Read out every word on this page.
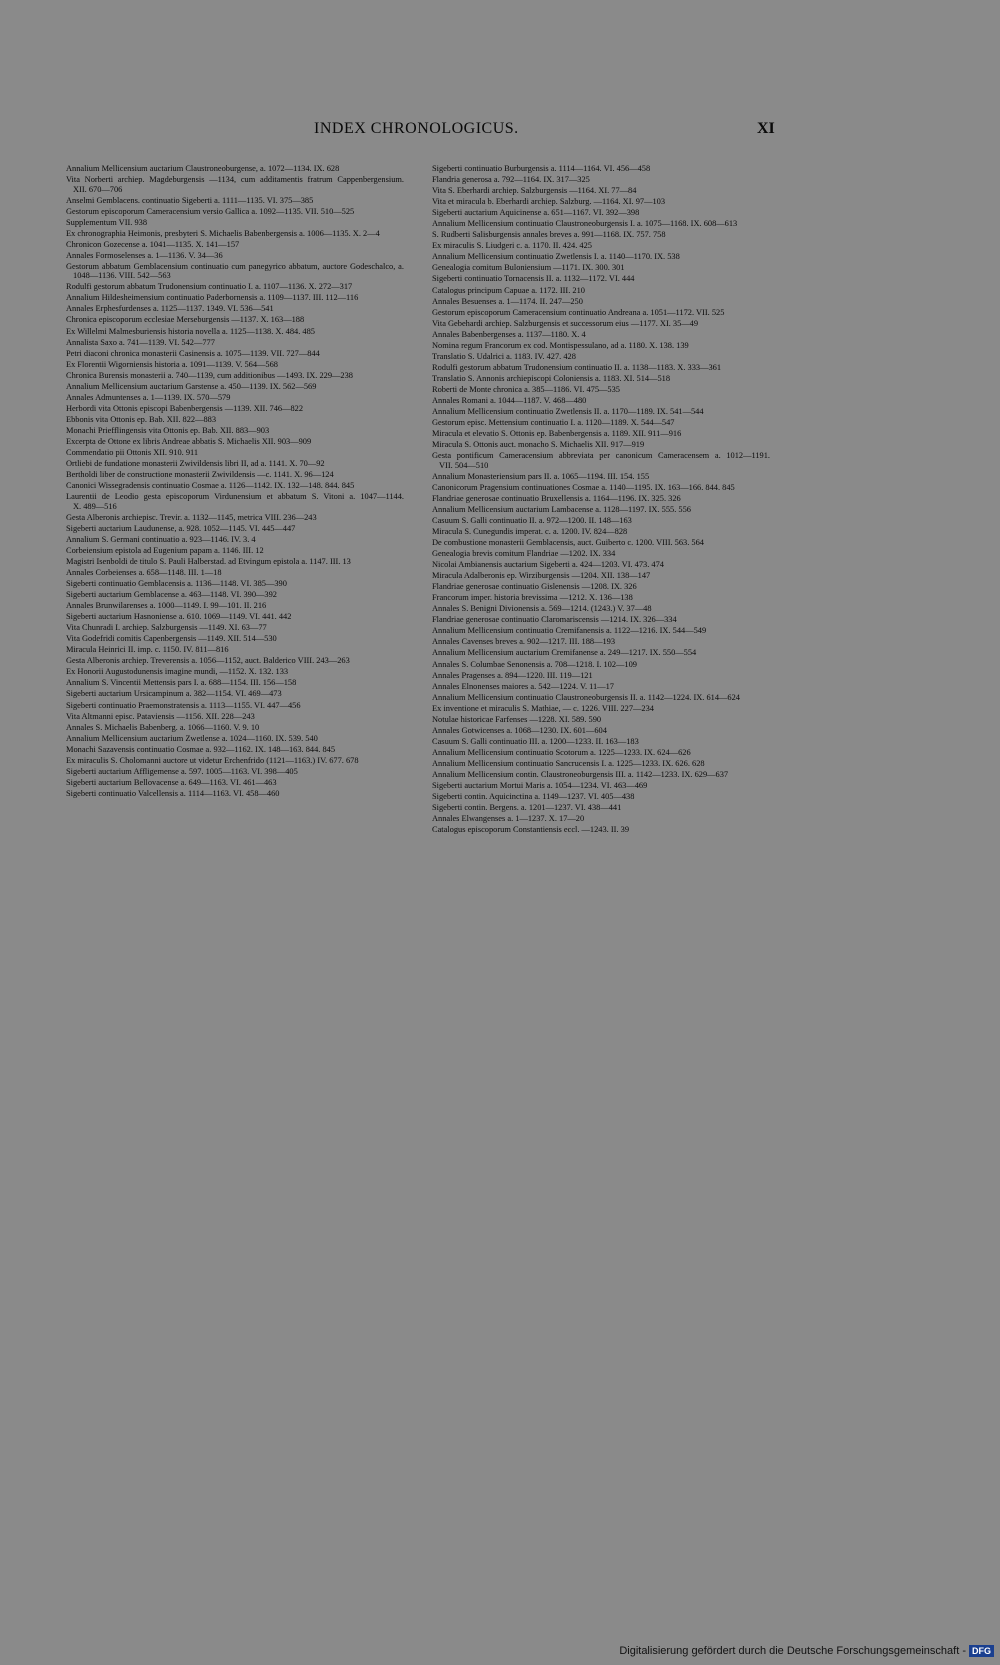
INDEX CHRONOLOGICUS.	XI

Annalium Mellicensium auctarium Claustroneoburgense, a. 1072—1134. IX. 628

Vita Norberti archiep. Magdeburgensis —1134, cum additamentis fratrum Cappenbergensium. XII. 670—706

Anselmi Gemblacens. continuatio Sigeberti a. 1111—1135. VI. 375—385

Gestorum episcoporum Cameracensium versio Gallica a. 1092—1135. VII. 510—525

Supplementum VII. 938

Ex chronographia Heimonis, presbyteri S. Michaelis Babenbergensis a. 1006—1135. X. 2—4

Chronicon Gozecense a. 1041—1135. X. 141—157

Annales Formoselenses a. 1—1136. V. 34—36

Gestorum abbatum Gemblacensium continuatio cum panegyrico abbatum, auctore Godeschalco, a. 1048—1136. VIII. 542—563

Rodulfi gestorum abbatum Trudonensium continuatio I. a. 1107—1136. X. 272—317

Annalium Hildesheimensium continuatio Paderbornensis a. 1109—1137. III. 112—116

Annales Erphesfurdenses a. 1125—1137. 1349. VI. 536—541

Chronica episcoporum ecclesiae Merseburgensis —1137. X. 163—188

Ex Willelmi Malmesburiensis historia novella a. 1125—1138. X. 484. 485

Annalista Saxo a. 741—1139. VI. 542—777

Petri diaconi chronica monasterii Casinensis a. 1075—1139. VII. 727—844

Ex Florentii Wigorniensis historia a. 1091—1139. V. 564—568

Chronica Burensis monasterii a. 740—1139, cum additionibus —1493. IX. 229—238

Annalium Mellicensium auctarium Garstense a. 450—1139. IX. 562—569

Annales Admuntenses a. 1—1139. IX. 570—579

Herbordi vita Ottonis episcopi Babenbergensis —1139. XII. 746—822

Ebbonis vita Ottonis ep. Bab. XII. 822—883

Monachi Priefflingensis vita Ottonis ep. Bab. XII. 883—903

Excerpta de Ottone ex libris Andreae abbatis S. Michaelis XII. 903—909

Commendatio pii Ottonis XII. 910. 911

Ortliebi de fundatione monasterii Zwivildensis libri II, ad a. 1141. X. 70—92

Bertholdi liber de constructione monasterii Zwivildensis —c. 1141. X. 96—124

Canonici Wissegradensis continuatio Cosmae a. 1126—1142. IX. 132—148. 844. 845

Laurentii de Leodio gesta episcoporum Virdunensium et abbatum S. Vitoni a. 1047—1144. X. 489—516

Gesta Alberonis archiepisc. Trevir. a. 1132—1145, metrica VIII. 236—243

Sigeberti auctarium Laudunense, a. 928. 1052—1145. VI. 445—447

Annalium S. Germani continuatio a. 923—1146. IV. 3. 4

Corbeiensium epistola ad Eugenium papam a. 1146. III. 12

Magistri Isenboldi de titulo S. Pauli Halberstad. ad Etvingum epistola a. 1147. III. 13

Annales Corbeienses a. 658—1148. III. 1—18

Sigeberti continuatio Gemblacensis a. 1136—1148. VI. 385—390

Sigeberti auctarium Gemblacense a. 463—1148. VI. 390—392

Annales Brunwilarenses a. 1000—1149. I. 99—101. II. 216

Sigeberti auctarium Hasnoniense a. 610. 1069—1149. VI. 441. 442

Vita Chunradi I. archiep. Salzburgensis —1149. XI. 63—77

Vita Godefridi comitis Capenbergensis —1149. XII. 514—530

Miracula Heinrici II. imp. c. 1150. IV. 811—816

Gesta Alberonis archiep. Treverensis a. 1056—1152, auct. Balderico VIII. 243—263

Ex Honorii Augustodunensis imagine mundi, —1152. X. 132. 133

Annalium S. Vincentii Mettensis pars I. a. 688—1154. III. 156—158

Sigeberti auctarium Ursicampinum a. 382—1154. VI. 469—473

Sigeberti continuatio Praemonstratensis a. 1113—1155. VI. 447—456

Vita Altmanni episc. Pataviensis —1156. XII. 228—243

Annales S. Michaelis Babenberg. a. 1066—1160. V. 9. 10

Annalium Mellicensium auctarium Zwetlense a. 1024—1160. IX. 539. 540

Monachi Sazavensis continuatio Cosmae a. 932—1162. IX. 148—163. 844. 845

Ex miraculis S. Cholomanni auctore ut videtur Erchenfrido (1121—1163.) IV. 677. 678

Sigeberti auctarium Affligemense a. 597. 1005—1163. VI. 398—405

Sigeberti auctarium Bellovacense a. 649—1163. VI. 461—463

Sigeberti continuatio Valcellensis a. 1114—1163. VI. 458—460

Sigeberti continuatio Burburgensis a. 1114—1164. VI. 456—458

Flandria generosa a. 792—1164. IX. 317—325

Vita S. Eberhardi archiep. Salzburgensis —1164. XI. 77—84

Vita et miracula b. Eberhardi archiep. Salzburg. —1164. XI. 97—103

Sigeberti auctarium Aquicinense a. 651—1167. VI. 392—398

Annalium Mellicensium continuatio Claustroneoburgensis I. a. 1075—1168. IX. 608—613

S. Rudberti Salisburgensis annales breves a. 991—1168. IX. 757. 758

Ex miraculis S. Liudgeri c. a. 1170. II. 424. 425

Annalium Mellicensium continuatio Zwetlensis I. a. 1140—1170. IX. 538

Genealogia comitum Buloniensium —1171. IX. 300. 301

Sigeberti continuatio Tornacensis II. a. 1132—1172. VI. 444

Catalogus principum Capuae a. 1172. III. 210

Annales Besuenses a. 1—1174. II. 247—250

Gestorum episcoporum Cameracensium continuatio Andreana a. 1051—1172. VII. 525

Vita Gebehardi archiep. Salzburgensis et successorum eius —1177. XI. 35—49

Annales Babenbergenses a. 1137—1180. X. 4

Nomina regum Francorum ex cod. Montispessulano, ad a. 1180. X. 138. 139

Translatio S. Udalrici a. 1183. IV. 427. 428

Rodulfi gestorum abbatum Trudonensium continuatio II. a. 1138—1183. X. 333—361

Translatio S. Annonis archiepiscopi Coloniensis a. 1183. XI. 514—518

Roberti de Monte chronica a. 385—1186. VI. 475—535

Annales Romani a. 1044—1187. V. 468—480

Annalium Mellicensium continuatio Zwetlensis II. a. 1170—1189. IX. 541—544

Gestorum episc. Mettensium continuatio I. a. 1120—1189. X. 544—547

Miracula et elevatio S. Ottonis ep. Babenbergensis a. 1189. XII. 911—916

Miracula S. Ottonis auct. monacho S. Michaelis XII. 917—919

Gesta pontificum Cameracensium abbreviata per canonicum Cameracensem a. 1012—1191. VII. 504—510

Annalium Monasteriensium pars II. a. 1065—1194. III. 154. 155

Canonicorum Pragensium continuationes Cosmae a. 1140—1195. IX. 163—166. 844. 845

Flandriae generosae continuatio Bruxellensis a. 1164—1196. IX. 325. 326

Annalium Mellicensium auctarium Lambacense a. 1128—1197. IX. 555. 556

Casuum S. Galli continuatio II. a. 972—1200. II. 148—163

Miracula S. Cunegundis imperat. c. a. 1200. IV. 824—828

De combustione monasterii Gemblacensis, auct. Guiberto c. 1200. VIII. 563. 564

Genealogia brevis comitum Flandriae —1202. IX. 334

Nicolai Ambianensis auctarium Sigeberti a. 424—1203. VI. 473. 474

Miracula Adalberonis ep. Wirziburgensis —1204. XII. 138—147

Flandriae generosae continuatio Gislenensis —1208. IX. 326

Francorum imper. historia brevissima —1212. X. 136—138

Annales S. Benigni Divionensis a. 569—1214. (1243.) V. 37—48

Flandriae generosae continuatio Claromariscensis —1214. IX. 326—334

Annalium Mellicensium continuatio Cremifanensis a. 1122—1216. IX. 544—549

Annales Cavenses breves a. 902—1217. III. 188—193

Annalium Mellicensium auctarium Cremifanense a. 249—1217. IX. 550—554

Annales S. Columbae Senonensis a. 708—1218. I. 102—109

Annales Pragenses a. 894—1220. III. 119—121

Annales Elnonenses maiores a. 542—1224. V. 11—17

Annalium Mellicensium continuatio Claustroneoburgensis II. a. 1142—1224. IX. 614—624

Ex inventione et miraculis S. Mathiae, — c. 1226. VIII. 227—234

Notulae historicae Farfenses —1228. XI. 589. 590

Annales Gotwicenses a. 1068—1230. IX. 601—604

Casuum S. Galli continuatio III. a. 1200—1233. II. 163—183

Annalium Mellicensium continuatio Scotorum a. 1225—1233. IX. 624—626

Annalium Mellicensium continuatio Sancrucensis I. a. 1225—1233. IX. 626. 628

Annalium Mellicensium contin. Claustroneoburgensis III. a. 1142—1233. IX. 629—637

Sigeberti auctarium Mortui Maris a. 1054—1234. VI. 463—469

Sigeberti contin. Aquicinctina a. 1149—1237. VI. 405—438

Sigeberti contin. Bergens. a. 1201—1237. VI. 438—441

Annales Elwangenses a. 1—1237. X. 17—20

Catalogus episcoporum Constantiensis eccl. —1243. II. 39

Digitalisierung gefördert durch die Deutsche Forschungsgemeinschaft - DFG
